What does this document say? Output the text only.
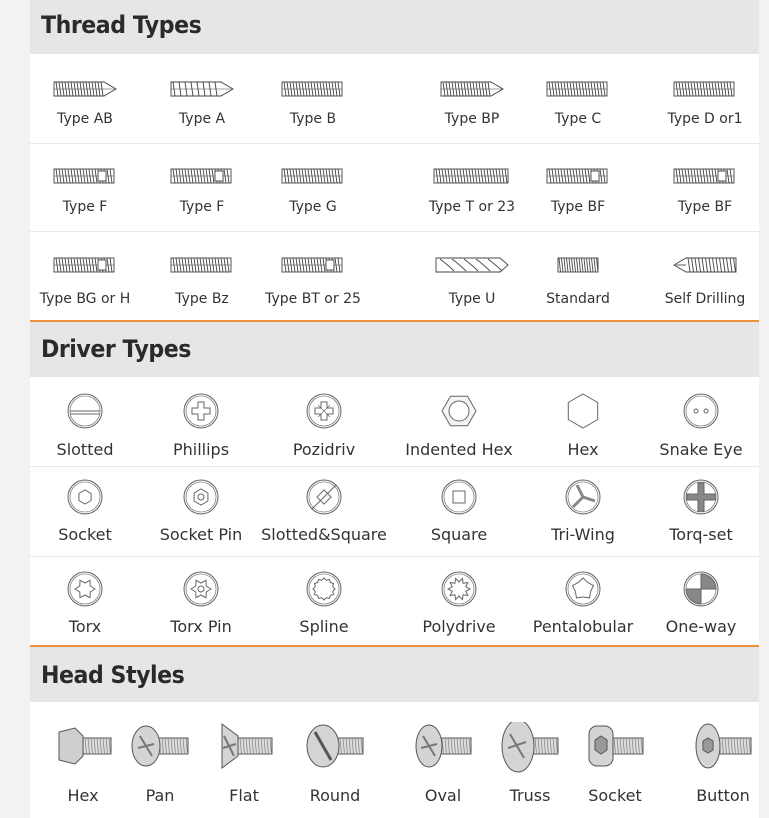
Thread Types
Type AB	Type A	Type B	Type BP	Type C	Type D or1
Type F	Type F	Type G	Type T or 23	Type BF	Type BF
Type BG or H	Type Bz	Type BT or 25	Type U	Standard	Self Drilling
Driver Types
Slotted	Phillips	Pozidriv	Indented Hex	Hex	Snake Eye
Socket	Socket Pin	Slotted&Square	Square	Tri-Wing	Torq-set
Torx	Torx Pin	Spline	Polydrive	Pentalobular	One-way
Head Styles
Hex	Pan	Flat	Round	Oval	Truss	Socket	Button
